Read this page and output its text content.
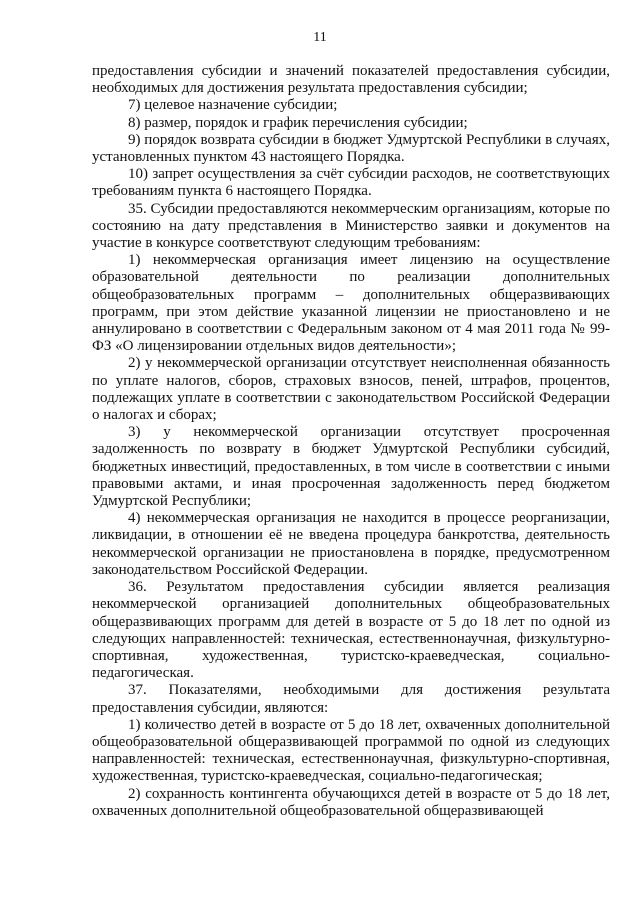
11

предоставления субсидии и значений показателей предоставления субсидии, необходимых для достижения результата предоставления субсидии;

7) целевое назначение субсидии;

8) размер, порядок и график перечисления субсидии;

9) порядок возврата субсидии в бюджет Удмуртской Республики в случаях, установленных пунктом 43 настоящего Порядка.

10) запрет осуществления за счёт субсидии расходов, не соответствующих требованиям пункта 6 настоящего Порядка.

35. Субсидии предоставляются некоммерческим организациям, которые по состоянию на дату представления в Министерство заявки и документов на участие в конкурсе соответствуют следующим требованиям:

1) некоммерческая организация имеет лицензию на осуществление образовательной деятельности по реализации дополнительных общеобразовательных программ – дополнительных общеразвивающих программ, при этом действие указанной лицензии не приостановлено и не аннулировано в соответствии с Федеральным законом от 4 мая 2011 года № 99-ФЗ «О лицензировании отдельных видов деятельности»;

2) у некоммерческой организации отсутствует неисполненная обязанность по уплате налогов, сборов, страховых взносов, пеней, штрафов, процентов, подлежащих уплате в соответствии с законодательством Российской Федерации о налогах и сборах;

3) у некоммерческой организации отсутствует просроченная задолженность по возврату в бюджет Удмуртской Республики субсидий, бюджетных инвестиций, предоставленных, в том числе в соответствии с иными правовыми актами, и иная просроченная задолженность перед бюджетом Удмуртской Республики;

4) некоммерческая организация не находится в процессе реорганизации, ликвидации, в отношении её не введена процедура банкротства, деятельность некоммерческой организации не приостановлена в порядке, предусмотренном законодательством Российской Федерации.

36. Результатом предоставления субсидии является реализация некоммерческой организацией дополнительных общеобразовательных общеразвивающих программ для детей в возрасте от 5 до 18 лет по одной из следующих направленностей: техническая, естественнонаучная, физкультурно-спортивная, художественная, туристско-краеведческая, социально-педагогическая.

37. Показателями, необходимыми для достижения результата предоставления субсидии, являются:

1) количество детей в возрасте от 5 до 18 лет, охваченных дополнительной общеобразовательной общеразвивающей программой по одной из следующих направленностей: техническая, естественнонаучная, физкультурно-спортивная, художественная, туристско-краеведческая, социально-педагогическая;

2) сохранность контингента обучающихся детей в возрасте от 5 до 18 лет, охваченных дополнительной общеобразовательной общеразвивающей
